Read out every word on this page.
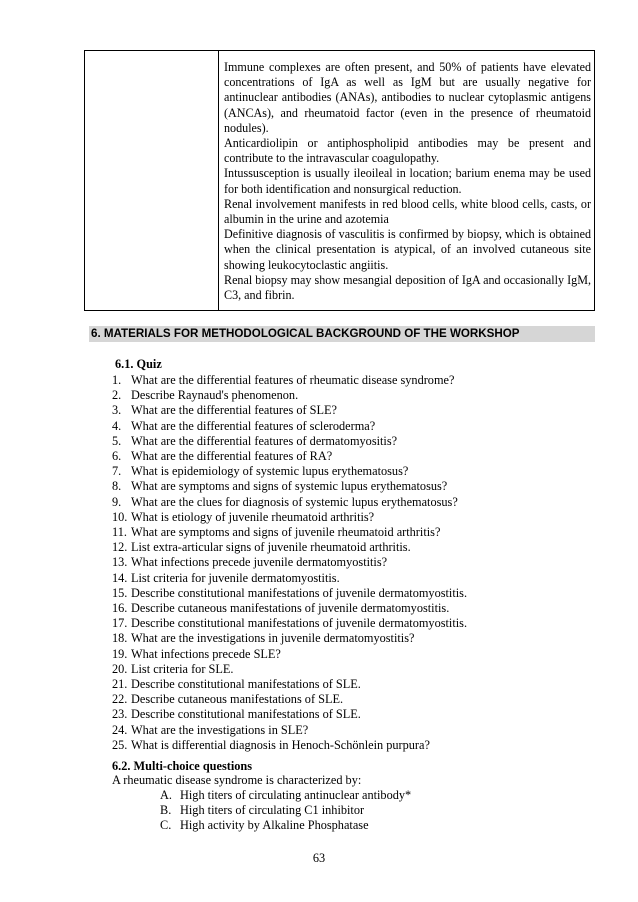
Immune complexes are often present, and 50% of patients have elevated concentrations of IgA as well as IgM but are usually negative for antinuclear antibodies (ANAs), antibodies to nuclear cytoplasmic antigens (ANCAs), and rheumatoid factor (even in the presence of rheumatoid nodules).

Anticardiolipin or antiphospholipid antibodies may be present and contribute to the intravascular coagulopathy.

Intussusception is usually ileoileal in location; barium enema may be used for both identification and nonsurgical reduction.

Renal involvement manifests in red blood cells, white blood cells, casts, or albumin in the urine and azotemia

Definitive diagnosis of vasculitis is confirmed by biopsy, which is obtained when the clinical presentation is atypical, of an involved cutaneous site showing leukocytoclastic angiitis.

Renal biopsy may show mesangial deposition of IgA and occasionally IgM, C3, and fibrin.

6. MATERIALS FOR METHODOLOGICAL BACKGROUND OF THE WORKSHOP
6.1. Quiz
1. What are the differential features of rheumatic disease syndrome?
2. Describe Raynaud's phenomenon.
3. What are the differential features of SLE?
4. What are the differential features of scleroderma?
5. What are the differential features of dermatomyositis?
6. What are the differential features of RA?
7. What is epidemiology of systemic lupus erythematosus?
8. What are symptoms and signs of systemic lupus erythematosus?
9. What are the clues for diagnosis of systemic lupus erythematosus?
10. What is etiology of juvenile rheumatoid arthritis?
11. What are symptoms and signs of juvenile rheumatoid arthritis?
12. List extra-articular signs of juvenile rheumatoid arthritis.
13. What infections precede juvenile dermatomyostitis?
14. List criteria for juvenile dermatomyostitis.
15. Describe constitutional manifestations of juvenile dermatomyostitis.
16. Describe cutaneous manifestations of juvenile dermatomyostitis.
17. Describe constitutional manifestations of juvenile dermatomyostitis.
18. What are the investigations in juvenile dermatomyostitis?
19. What infections precede SLE?
20. List criteria for SLE.
21. Describe constitutional manifestations of SLE.
22. Describe cutaneous manifestations of SLE.
23. Describe constitutional manifestations of SLE.
24. What are the investigations in SLE?
25. What is differential diagnosis in Henoch-Schönlein purpura?
6.2. Multi-choice questions
A rheumatic disease syndrome is characterized by:
A. High titers of circulating antinuclear antibody*
B. High titers of circulating C1 inhibitor
C. High activity by Alkaline Phosphatase
63
